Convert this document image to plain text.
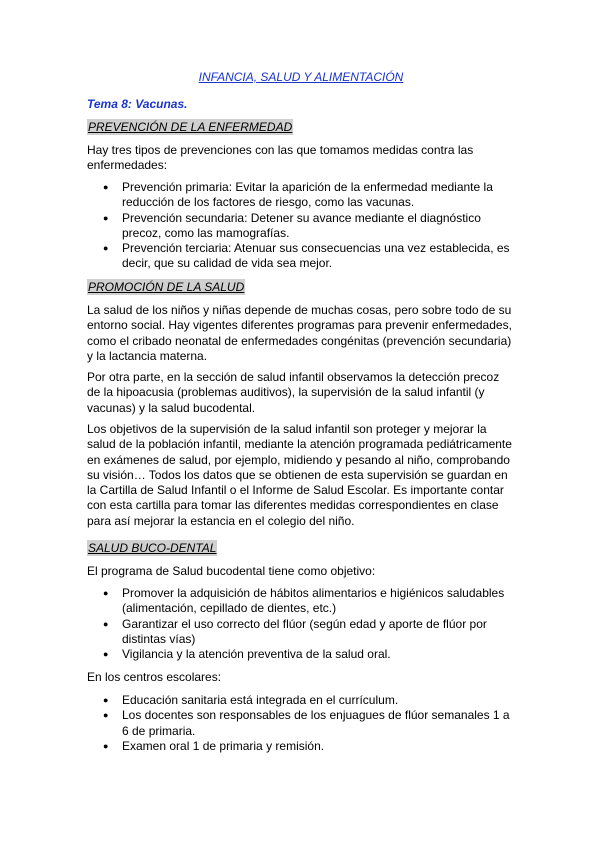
INFANCIA, SALUD Y ALIMENTACIÓN
Tema 8: Vacunas.
PREVENCIÓN DE LA ENFERMEDAD

Hay tres tipos de prevenciones con las que tomamos medidas contra las enfermedades:

● Prevención primaria: Evitar la aparición de la enfermedad mediante la reducción de los factores de riesgo, como las vacunas.
● Prevención secundaria: Detener su avance mediante el diagnóstico precoz, como las mamografías.
● Prevención terciaria: Atenuar sus consecuencias una vez establecida, es decir, que su calidad de vida sea mejor.
PROMOCIÓN DE LA SALUD

La salud de los niños y niñas depende de muchas cosas, pero sobre todo de su entorno social. Hay vigentes diferentes programas para prevenir enfermedades, como el cribado neonatal de enfermedades congénitas (prevención secundaria) y la lactancia materna.

Por otra parte, en la sección de salud infantil observamos la detección precoz de la hipoacusia (problemas auditivos), la supervisión de la salud infantil (y vacunas) y la salud bucodental.

Los objetivos de la supervisión de la salud infantil son proteger y mejorar la salud de la población infantil, mediante la atención programada pediátricamente en exámenes de salud, por ejemplo, midiendo y pesando al niño, comprobando su visión… Todos los datos que se obtienen de esta supervisión se guardan en la Cartilla de Salud Infantil o el Informe de Salud Escolar. Es importante contar con esta cartilla para tomar las diferentes medidas correspondientes en clase para así mejorar la estancia en el colegio del niño.

SALUD BUCO-DENTAL

El programa de Salud bucodental tiene como objetivo:

● Promover la adquisición de hábitos alimentarios e higiénicos saludables (alimentación, cepillado de dientes, etc.)
● Garantizar el uso correcto del flúor (según edad y aporte de flúor por distintas vías)
● Vigilancia y la atención preventiva de la salud oral.

En los centros escolares:

● Educación sanitaria está integrada en el currículum.
● Los docentes son responsables de los enjuagues de flúor semanales 1 a 6 de primaria.
● Examen oral 1 de primaria y remisión.
